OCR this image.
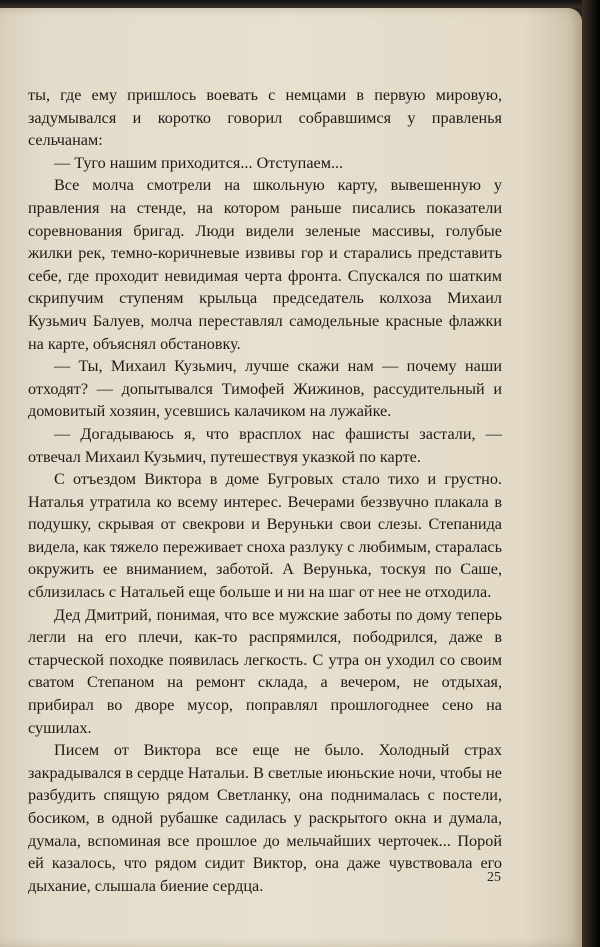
ты, где ему пришлось воевать с немцами в первую мировую, задумывался и коротко говорил собравшимся у правленья сельчанам:

— Туго нашим приходится... Отступаем...

Все молча смотрели на школьную карту, вывешенную у правления на стенде, на котором раньше писались показатели соревнования бригад. Люди видели зеленые массивы, голубые жилки рек, темно-коричневые извивы гор и старались представить себе, где проходит невидимая черта фронта. Спускался по шатким скрипучим ступеням крыльца председатель колхоза Михаил Кузьмич Балуев, молча переставлял самодельные красные флажки на карте, объяснял обстановку.

— Ты, Михаил Кузьмич, лучше скажи нам — почему наши отходят? — допытывался Тимофей Жижинов, рассудительный и домовитый хозяин, усевшись калачиком на лужайке.

— Догадываюсь я, что врасплох нас фашисты застали, — отвечал Михаил Кузьмич, путешествуя указкой по карте.

С отъездом Виктора в доме Бугровых стало тихо и грустно. Наталья утратила ко всему интерес. Вечерами беззвучно плакала в подушку, скрывая от свекрови и Веруньки свои слезы. Степанида видела, как тяжело переживает сноха разлуку с любимым, старалась окружить ее вниманием, заботой. А Верунька, тоскуя по Саше, сблизилась с Натальей еще больше и ни на шаг от нее не отходила.

Дед Дмитрий, понимая, что все мужские заботы по дому теперь легли на его плечи, как-то распрямился, пободрился, даже в старческой походке появилась легкость. С утра он уходил со своим сватом Степаном на ремонт склада, а вечером, не отдыхая, прибирал во дворе мусор, поправлял прошлогоднее сено на сушилах.

Писем от Виктора все еще не было. Холодный страх закрадывался в сердце Натальи. В светлые июньские ночи, чтобы не разбудить спящую рядом Светланку, она поднималась с постели, босиком, в одной рубашке садилась у раскрытого окна и думала, думала, вспоминая все прошлое до мельчайших черточек... Порой ей казалось, что рядом сидит Виктор, она даже чувствовала его дыхание, слышала биение сердца.	25
